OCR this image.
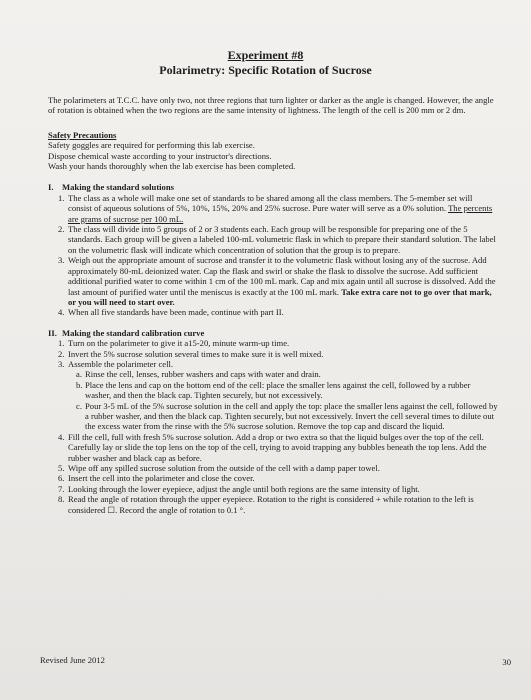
Experiment #8
Polarimetry: Specific Rotation of Sucrose

The polarimeters at T.C.C. have only two, not three regions that turn lighter or darker as the angle is changed. However, the angle of rotation is obtained when the two regions are the same intensity of lightness. The length of the cell is 200 mm or 2 dm.

Safety Precautions

Safety goggles are required for performing this lab exercise.

Dispose chemical waste according to your instructor's directions.

Wash your hands thoroughly when the lab exercise has been completed.

I. Making the standard solutions
1. The class as a whole will make one set of standards to be shared among all the class members. The 5-member set will consist of aqueous solutions of 5%, 10%, 15%, 20% and 25% sucrose. Pure water will serve as a 0% solution. The percents are grams of sucrose per 100 mL.
2. The class will divide into 5 groups of 2 or 3 students each. Each group will be responsible for preparing one of the 5 standards. Each group will be given a labeled 100-mL volumetric flask in which to prepare their standard solution. The label on the volumetric flask will indicate which concentration of solution that the group is to prepare.
3. Weigh out the appropriate amount of sucrose and transfer it to the volumetric flask without losing any of the sucrose. Add approximately 80-mL deionized water. Cap the flask and swirl or shake the flask to dissolve the sucrose. Add sufficient additional purified water to come within 1 cm of the 100 mL mark. Cap and mix again until all sucrose is dissolved. Add the last amount of purified water until the meniscus is exactly at the 100 mL mark. Take extra care not to go over that mark, or you will need to start over.
4. When all five standards have been made, continue with part II.
II. Making the standard calibration curve
1. Turn on the polarimeter to give it a15-20, minute warm-up time.
2. Invert the 5% sucrose solution several times to make sure it is well mixed.
3. Assemble the polarimeter cell.
a. Rinse the cell, lenses, rubber washers and caps with water and drain.
b. Place the lens and cap on the bottom end of the cell: place the smaller lens against the cell, followed by a rubber washer, and then the black cap. Tighten securely, but not excessively.
c. Pour 3-5 mL of the 5% sucrose solution in the cell and apply the top: place the smaller lens against the cell, followed by a rubber washer, and then the black cap. Tighten securely, but not excessively. Invert the cell several times to dilute out the excess water from the rinse with the 5% sucrose solution. Remove the top cap and discard the liquid.
4. Fill the cell, full with fresh 5% sucrose solution. Add a drop or two extra so that the liquid bulges over the top of the cell. Carefully lay or slide the top lens on the top of the cell, trying to avoid trapping any bubbles beneath the top lens. Add the rubber washer and black cap as before.
5. Wipe off any spilled sucrose solution from the outside of the cell with a damp paper towel.
6. Insert the cell into the polarimeter and close the cover.
7. Looking through the lower eyepiece, adjust the angle until both regions are the same intensity of light.
8. Read the angle of rotation through the upper eyepiece. Rotation to the right is considered + while rotation to the left is considered ☐. Record the angle of rotation to 0.1 °.
Revised June 2012	30
